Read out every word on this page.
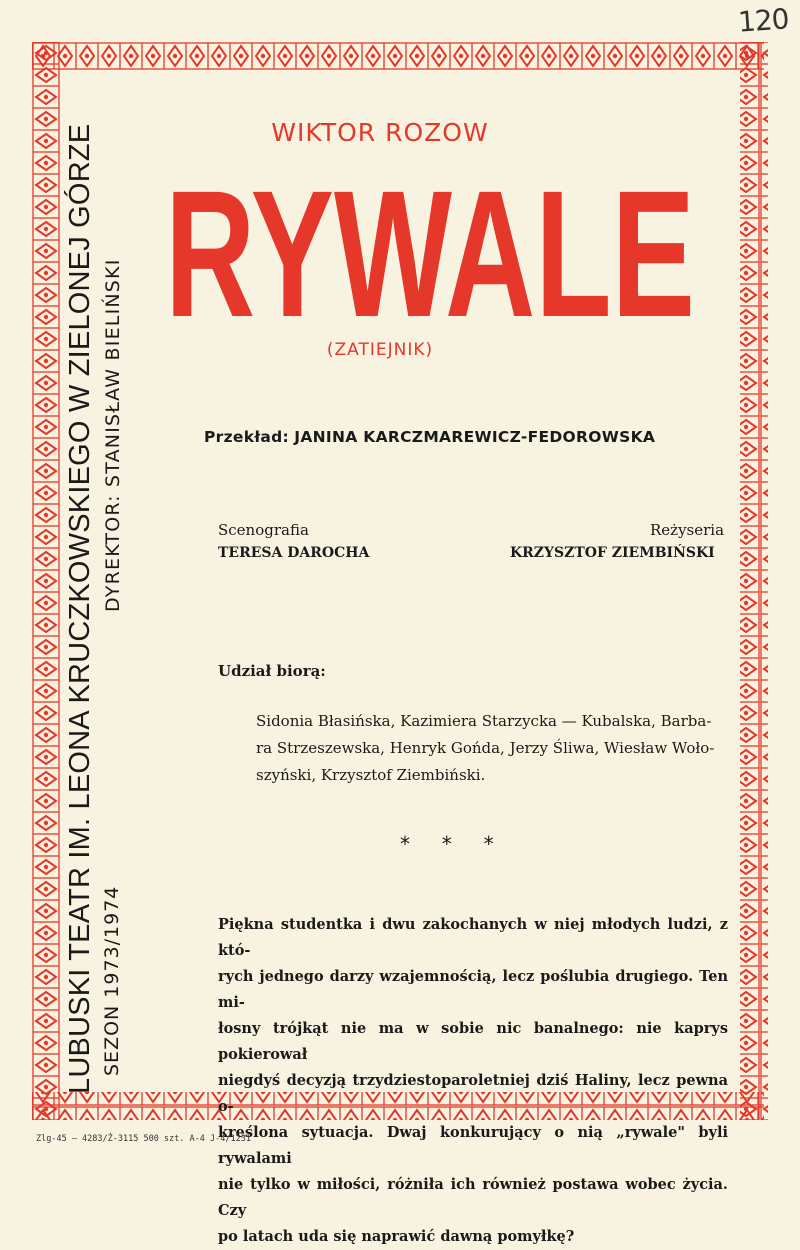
120
LUBUSKI TEATR IM. LEONA KRUCZKOWSKIEGO W ZIELONEJ GÓRZE SEZON 1973/1974
DYREKTOR: STANISŁAW BIELIŃSKI
WIKTOR ROZOW
RYWALE
(ZATIEJNIK)
Przekład: JANINA KARCZMAREWICZ-FEDOROWSKA
Scenografia
TERESA DAROCHA
Reżyseria
KRZYSZTOF ZIEMBIŃSKI
Udział biorą:
Sidonia Błasińska, Kazimiera Starzycka — Kubalska, Barba-
ra Strzeszewska, Henryk Gońda, Jerzy Śliwa, Wiesław Woło-
szyński, Krzysztof Ziembiński.
*     *     *
Piękna studentka i dwu zakochanych w niej młodych ludzi, z któ-
rych jednego darzy wzajemnością, lecz poślubia drugiego. Ten mi-
łosny trójkąt nie ma w sobie nic banalnego: nie kaprys pokierował
niegdyś decyzją trzydziestoparoletniej dziś Haliny, lecz pewna o-
kreślona sytuacja. Dwaj konkurujący o nią „rywale" byli rywalami
nie tylko w miłości, różniła ich również postawa wobec życia. Czy
po latach uda się naprawić dawną pomyłkę?
Zlg-45 — 4283/Ż-3115 500 szt. A-4 J-4/1231
